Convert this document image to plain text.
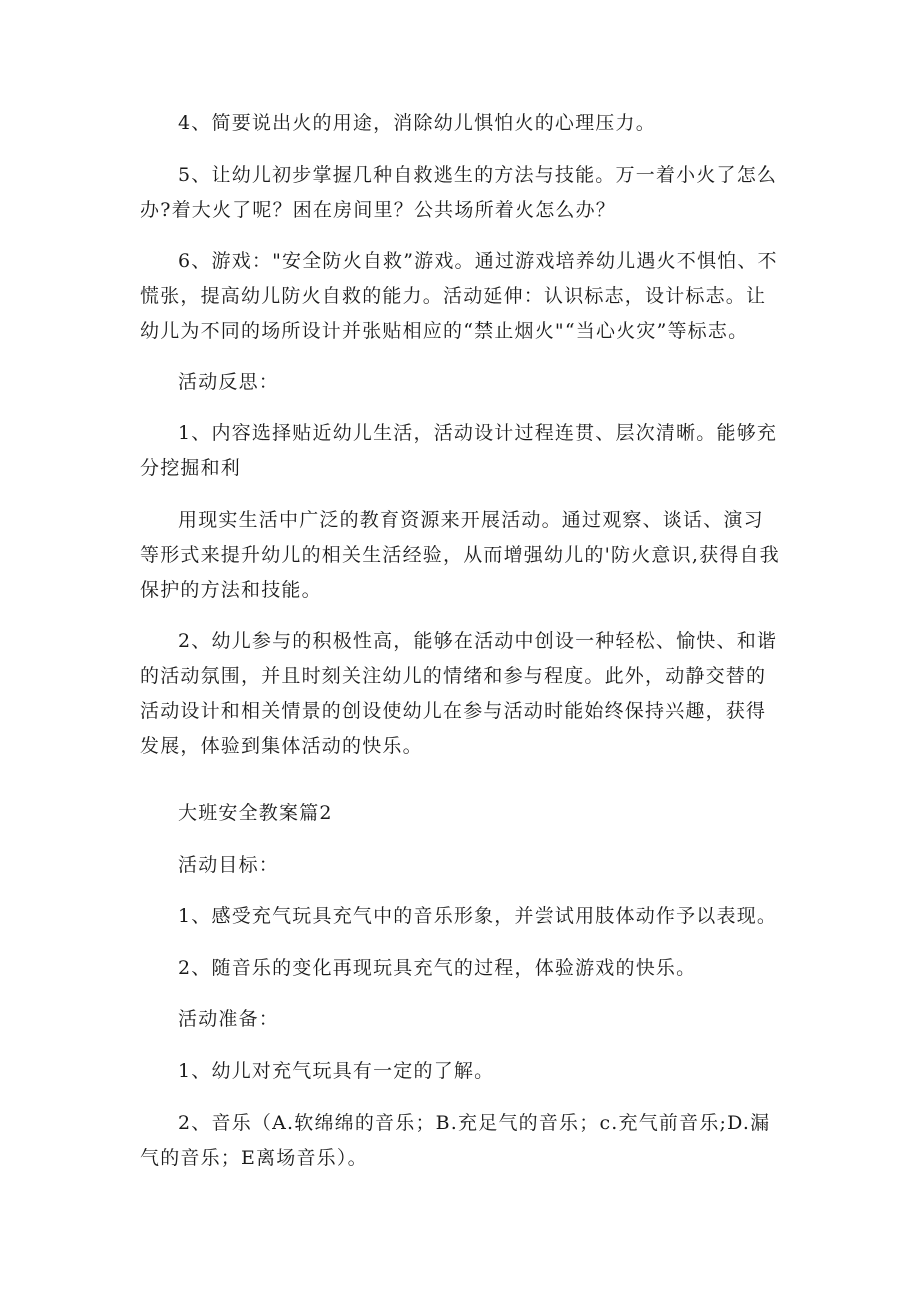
4、简要说出火的用途，消除幼儿惧怕火的心理压力。

5、让幼儿初步掌握几种自救逃生的方法与技能。万一着小火了怎么办?着大火了呢？困在房间里？公共场所着火怎么办？

6、游戏："安全防火自救”游戏。通过游戏培养幼儿遇火不惧怕、不慌张，提高幼儿防火自救的能力。活动延伸：认识标志，设计标志。让幼儿为不同的场所设计并张贴相应的“禁止烟火"“当心火灾”等标志。

活动反思：

1、内容选择贴近幼儿生活，活动设计过程连贯、层次清晰。能够充分挖掘和利

用现实生活中广泛的教育资源来开展活动。通过观察、谈话、演习等形式来提升幼儿的相关生活经验，从而增强幼儿的'防火意识,获得自我保护的方法和技能。

2、幼儿参与的积极性高，能够在活动中创设一种轻松、愉快、和谐的活动氛围，并且时刻关注幼儿的情绪和参与程度。此外，动静交替的活动设计和相关情景的创设使幼儿在参与活动时能始终保持兴趣，获得发展，体验到集体活动的快乐。

大班安全教案篇2

活动目标：

1、感受充气玩具充气中的音乐形象，并尝试用肢体动作予以表现。

2、随音乐的变化再现玩具充气的过程，体验游戏的快乐。

活动准备：

1、幼儿对充气玩具有一定的了解。

2、音乐（A.软绵绵的音乐；B.充足气的音乐；c.充气前音乐;D.漏气的音乐；E离场音乐）。
